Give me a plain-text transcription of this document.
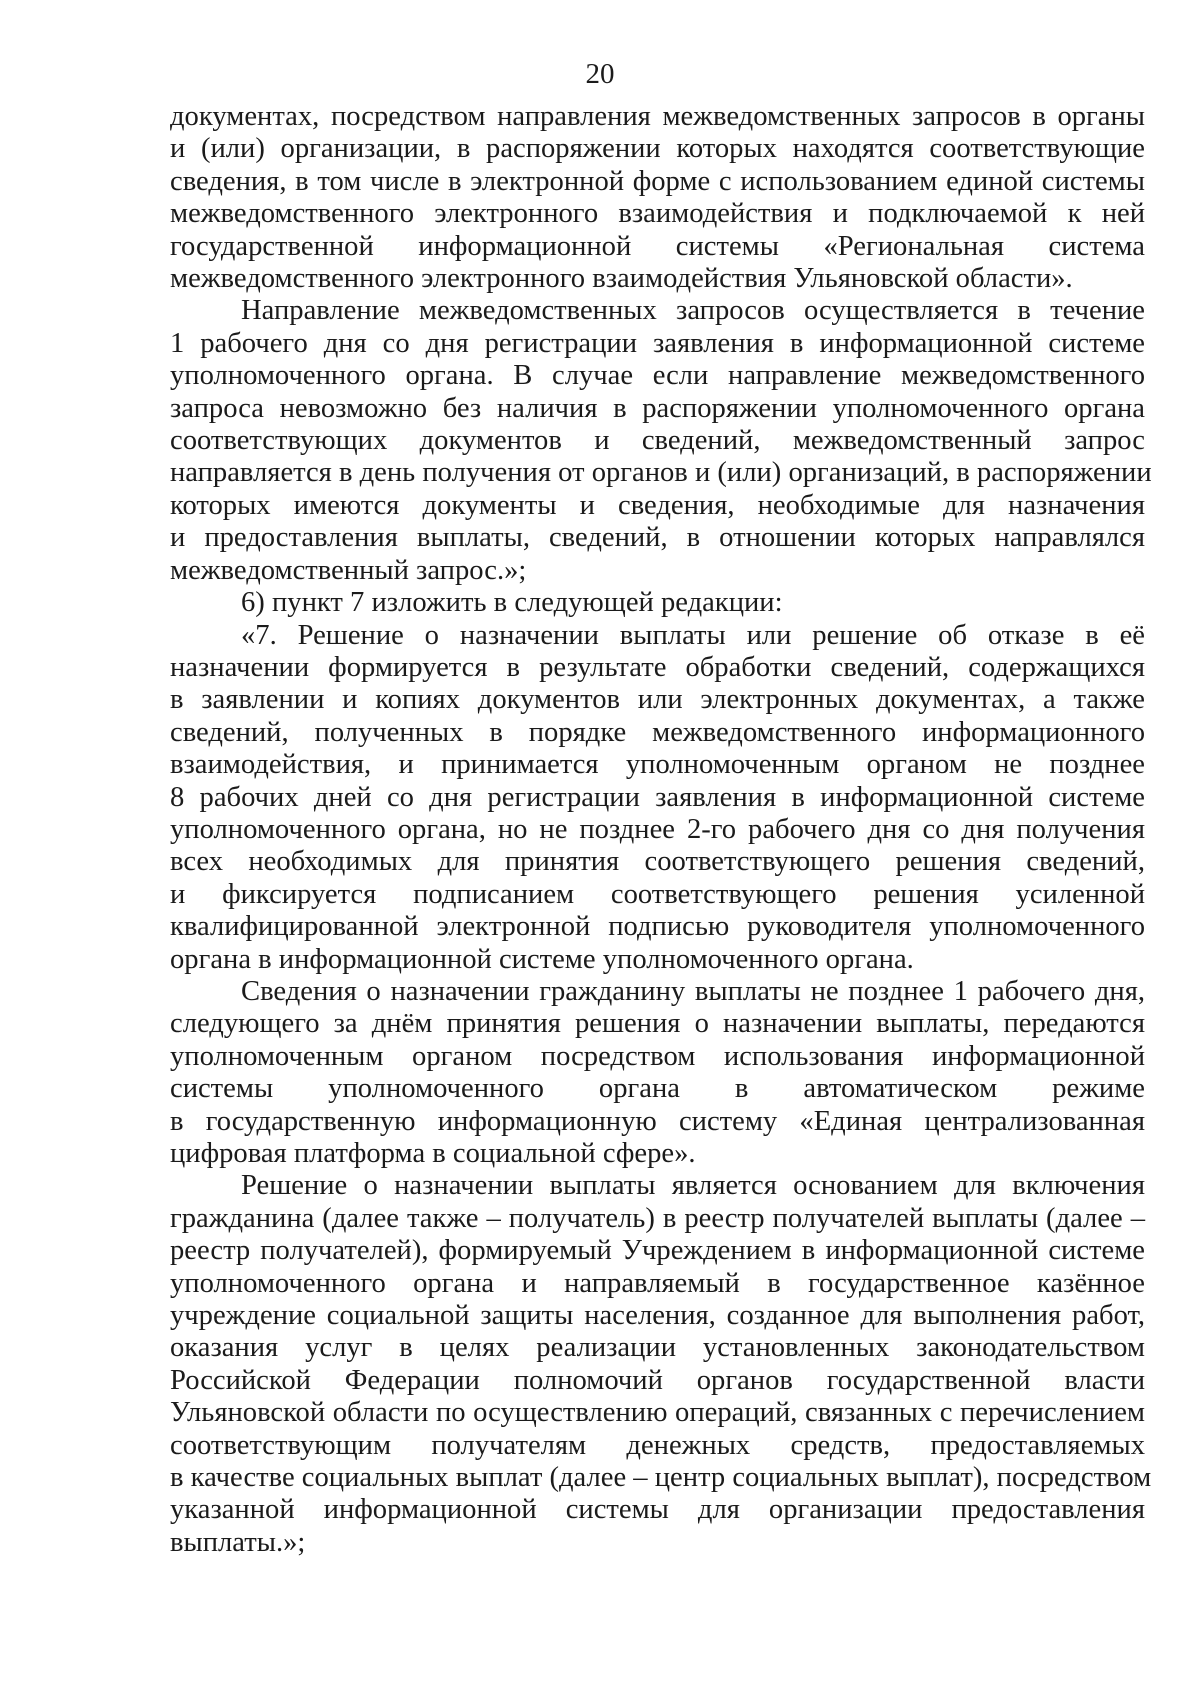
20
документах, посредством направления межведомственных запросов в органы
и (или) организации, в распоряжении которых находятся соответствующие
сведения, в том числе в электронной форме с использованием единой системы
межведомственного электронного взаимодействия и подключаемой к ней
государственной информационной системы «Региональная система
межведомственного электронного взаимодействия Ульяновской области».
Направление межведомственных запросов осуществляется в течение
1 рабочего дня со дня регистрации заявления в информационной системе
уполномоченного органа. В случае если направление межведомственного
запроса невозможно без наличия в распоряжении уполномоченного органа
соответствующих документов и сведений, межведомственный запрос
направляется в день получения от органов и (или) организаций, в распоряжении
которых имеются документы и сведения, необходимые для назначения
и предоставления выплаты, сведений, в отношении которых направлялся
межведомственный запрос.»;
6) пункт 7 изложить в следующей редакции:
«7. Решение о назначении выплаты или решение об отказе в её
назначении формируется в результате обработки сведений, содержащихся
в заявлении и копиях документов или электронных документах, а также
сведений, полученных в порядке межведомственного информационного
взаимодействия, и принимается уполномоченным органом не позднее
8 рабочих дней со дня регистрации заявления в информационной системе
уполномоченного органа, но не позднее 2-го рабочего дня со дня получения
всех необходимых для принятия соответствующего решения сведений,
и фиксируется подписанием соответствующего решения усиленной
квалифицированной электронной подписью руководителя уполномоченного
органа в информационной системе уполномоченного органа.
Сведения о назначении гражданину выплаты не позднее 1 рабочего дня,
следующего за днём принятия решения о назначении выплаты, передаются
уполномоченным органом посредством использования информационной
системы уполномоченного органа в автоматическом режиме
в государственную информационную систему «Единая централизованная
цифровая платформа в социальной сфере».
Решение о назначении выплаты является основанием для включения
гражданина (далее также – получатель) в реестр получателей выплаты (далее –
реестр получателей), формируемый Учреждением в информационной системе
уполномоченного органа и направляемый в государственное казённое
учреждение социальной защиты населения, созданное для выполнения работ,
оказания услуг в целях реализации установленных законодательством
Российской Федерации полномочий органов государственной власти
Ульяновской области по осуществлению операций, связанных с перечислением
соответствующим получателям денежных средств, предоставляемых
в качестве социальных выплат (далее – центр социальных выплат), посредством
указанной информационной системы для организации предоставления
выплаты.»;
